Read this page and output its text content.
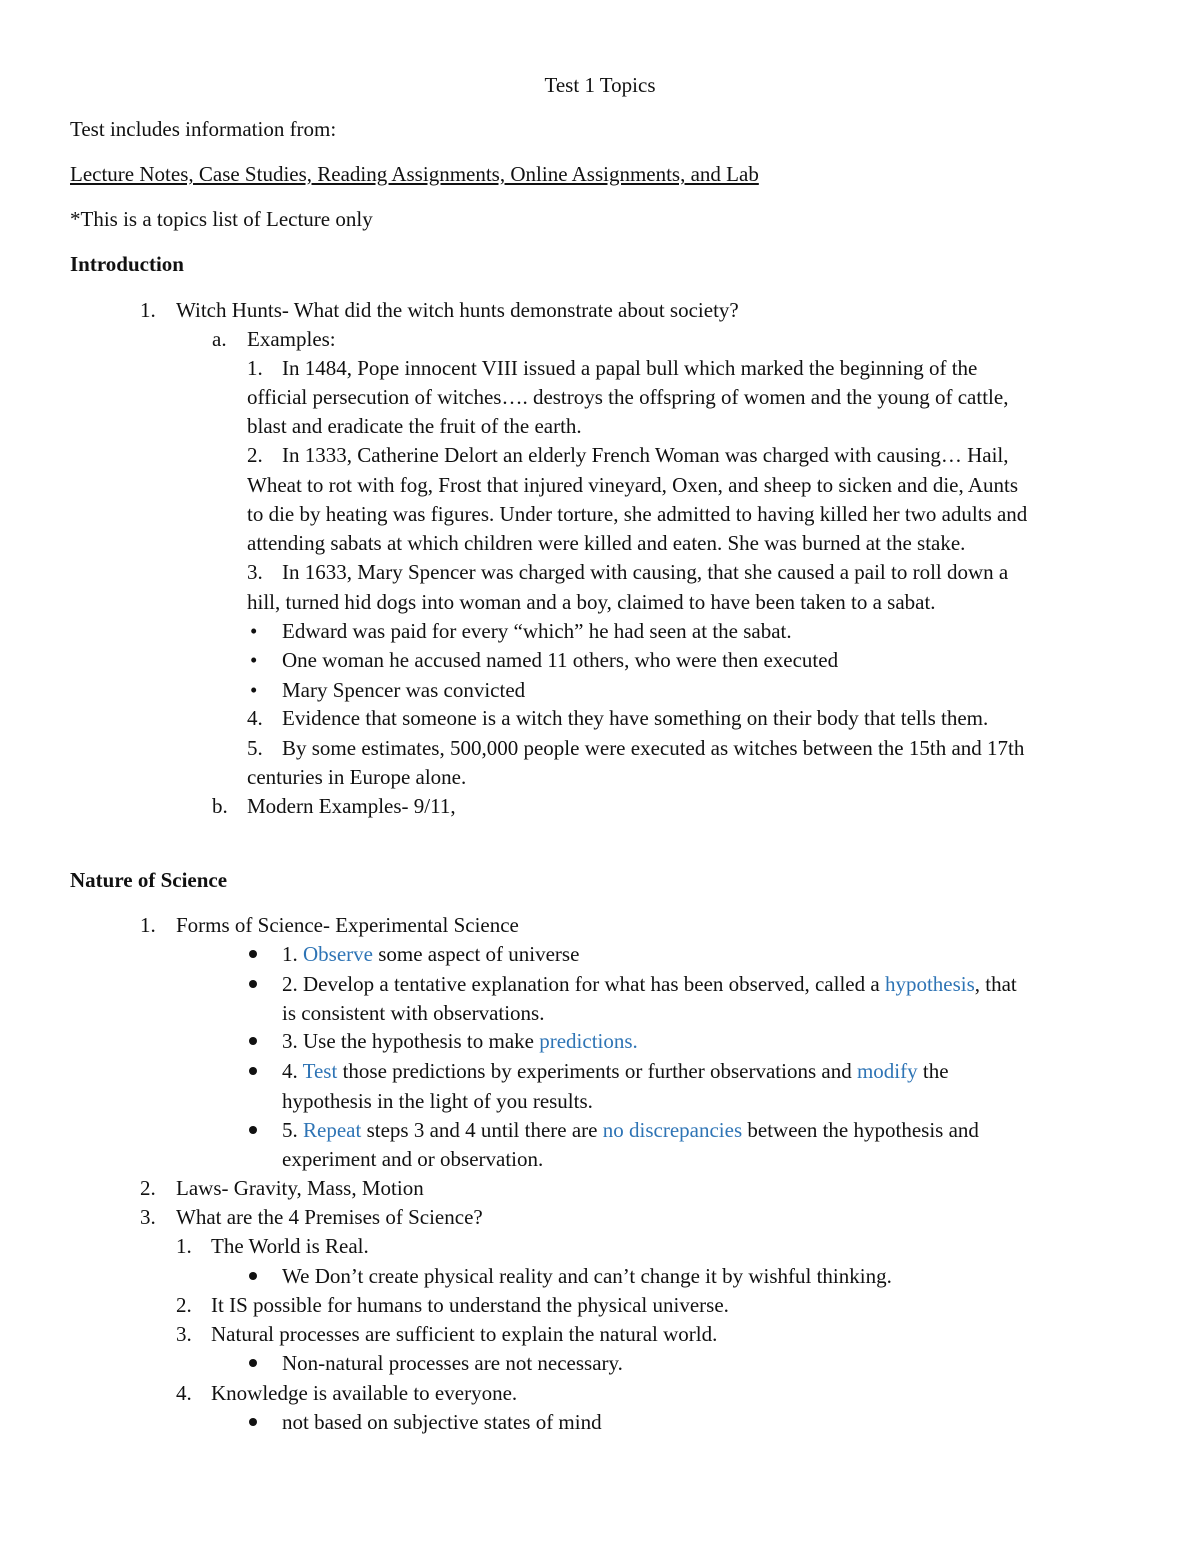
Test 1 Topics
Test includes information from:
Lecture Notes, Case Studies, Reading Assignments, Online Assignments, and Lab
*This is a topics list of Lecture only
Introduction
1. Witch Hunts- What did the witch hunts demonstrate about society?
a. Examples:
1. In 1484, Pope innocent VIII issued a papal bull which marked the beginning of the
official persecution of witches…. destroys the offspring of women and the young of cattle,
blast and eradicate the fruit of the earth.
2. In 1333, Catherine Delort an elderly French Woman was charged with causing… Hail,
Wheat to rot with fog, Frost that injured vineyard, Oxen, and sheep to sicken and die, Aunts
to die by heating was figures. Under torture, she admitted to having killed her two adults and
attending sabats at which children were killed and eaten. She was burned at the stake.
3. In 1633, Mary Spencer was charged with causing, that she caused a pail to roll down a
hill, turned hid dogs into woman and a boy, claimed to have been taken to a sabat.
• Edward was paid for every “which” he had seen at the sabat.
• One woman he accused named 11 others, who were then executed
• Mary Spencer was convicted
4. Evidence that someone is a witch they have something on their body that tells them.
5. By some estimates, 500,000 people were executed as witches between the 15th and 17th
centuries in Europe alone.
b. Modern Examples- 9/11,
Nature of Science
1. Forms of Science- Experimental Science
1. Observe some aspect of universe
2. Develop a tentative explanation for what has been observed, called a hypothesis, that
is consistent with observations.
3. Use the hypothesis to make predictions.
4. Test those predictions by experiments or further observations and modify the
hypothesis in the light of you results.
5. Repeat steps 3 and 4 until there are no discrepancies between the hypothesis and
experiment and or observation.
2. Laws- Gravity, Mass, Motion
3. What are the 4 Premises of Science?
1. The World is Real.
We Don’t create physical reality and can’t change it by wishful thinking.
2. It IS possible for humans to understand the physical universe.
3. Natural processes are sufficient to explain the natural world.
Non-natural processes are not necessary.
4. Knowledge is available to everyone.
not based on subjective states of mind
